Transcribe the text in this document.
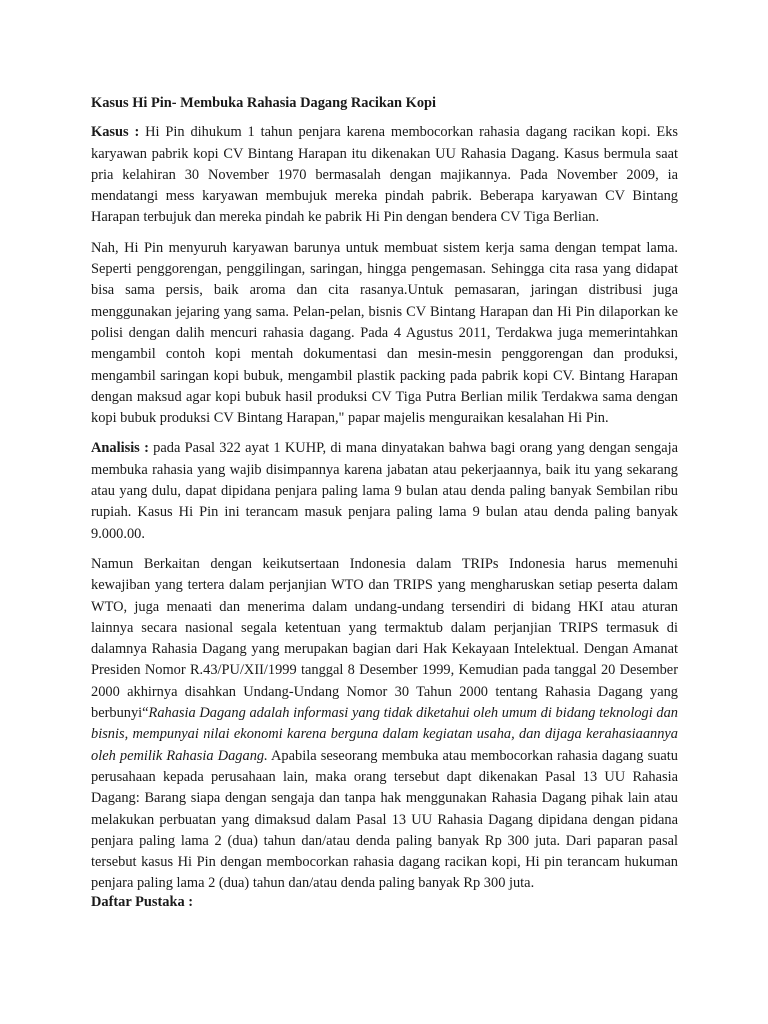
Kasus Hi Pin- Membuka Rahasia Dagang Racikan Kopi

Kasus : Hi Pin dihukum 1 tahun penjara karena membocorkan rahasia dagang racikan kopi. Eks karyawan pabrik kopi CV Bintang Harapan itu dikenakan UU Rahasia Dagang. Kasus bermula saat pria kelahiran 30 November 1970 bermasalah dengan majikannya. Pada November 2009, ia mendatangi mess karyawan membujuk mereka pindah pabrik. Beberapa karyawan CV Bintang Harapan terbujuk dan mereka pindah ke pabrik Hi Pin dengan bendera CV Tiga Berlian.

Nah, Hi Pin menyuruh karyawan barunya untuk membuat sistem kerja sama dengan tempat lama. Seperti penggorengan, penggilingan, saringan, hingga pengemasan. Sehingga cita rasa yang didapat bisa sama persis, baik aroma dan cita rasanya.Untuk pemasaran, jaringan distribusi juga menggunakan jejaring yang sama. Pelan-pelan, bisnis CV Bintang Harapan dan Hi Pin dilaporkan ke polisi dengan dalih mencuri rahasia dagang. Pada 4 Agustus 2011, Terdakwa juga memerintahkan mengambil contoh kopi mentah dokumentasi dan mesin-mesin penggorengan dan produksi, mengambil saringan kopi bubuk, mengambil plastik packing pada pabrik kopi CV. Bintang Harapan dengan maksud agar kopi bubuk hasil produksi CV Tiga Putra Berlian milik Terdakwa sama dengan kopi bubuk produksi CV Bintang Harapan," papar majelis menguraikan kesalahan Hi Pin.

Analisis : pada Pasal 322 ayat 1 KUHP, di mana dinyatakan bahwa bagi orang yang dengan sengaja membuka rahasia yang wajib disimpannya karena jabatan atau pekerjaannya, baik itu yang sekarang atau yang dulu, dapat dipidana penjara paling lama 9 bulan atau denda paling banyak Sembilan ribu rupiah. Kasus Hi Pin ini terancam masuk penjara paling lama 9 bulan atau denda paling banyak 9.000.00.

Namun Berkaitan dengan keikutsertaan Indonesia dalam TRIPs Indonesia harus memenuhi kewajiban yang tertera dalam perjanjian WTO dan TRIPS yang mengharuskan setiap peserta dalam WTO, juga menaati dan menerima dalam undang-undang tersendiri di bidang HKI atau aturan lainnya secara nasional segala ketentuan yang termaktub dalam perjanjian TRIPS termasuk di dalamnya Rahasia Dagang yang merupakan bagian dari Hak Kekayaan Intelektual. Dengan Amanat Presiden Nomor R.43/PU/XII/1999 tanggal 8 Desember 1999, Kemudian pada tanggal 20 Desember 2000 akhirnya disahkan Undang-Undang Nomor 30 Tahun 2000 tentang Rahasia Dagang yang berbunyi“Rahasia Dagang adalah informasi yang tidak diketahui oleh umum di bidang teknologi dan bisnis, mempunyai nilai ekonomi karena berguna dalam kegiatan usaha, dan dijaga kerahasiaannya oleh pemilik Rahasia Dagang. Apabila seseorang membuka atau membocorkan rahasia dagang suatu perusahaan kepada perusahaan lain, maka orang tersebut dapt dikenakan Pasal 13 UU Rahasia Dagang: Barang siapa dengan sengaja dan tanpa hak menggunakan Rahasia Dagang pihak lain atau melakukan perbuatan yang dimaksud dalam Pasal 13 UU Rahasia Dagang dipidana dengan pidana penjara paling lama 2 (dua) tahun dan/atau denda paling banyak Rp 300 juta. Dari paparan pasal tersebut kasus Hi Pin dengan membocorkan rahasia dagang racikan kopi, Hi pin terancam hukuman penjara paling lama 2 (dua) tahun dan/atau denda paling banyak Rp 300 juta.

Daftar Pustaka :
